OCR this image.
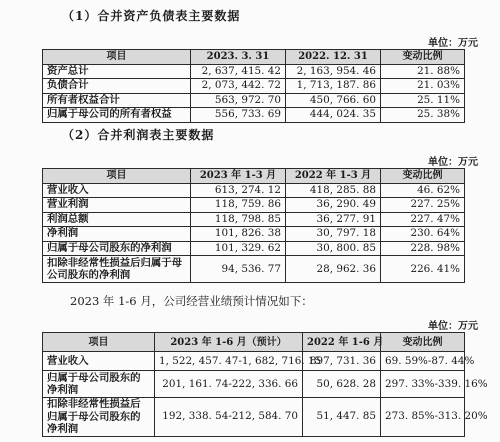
（1）合并资产负债表主要数据
单位：万元
项目	2023. 3. 31	2022. 12. 31	变动比例
资产总计	2, 637, 415. 42	2, 163, 954. 46	21. 88%
负债合计	2, 073, 442. 72	1, 713, 187. 86	21. 03%
所有者权益合计	563, 972. 70	450, 766. 60	25. 11%
归属于母公司的所有者权益	556, 733. 69	444, 024. 35	25. 38%
（2）合并利润表主要数据
单位：万元
项目	2023 年 1-3 月	2022 年 1-3 月	变动比例
营业收入	613, 274. 12	418, 285. 88	46. 62%
营业利润	118, 759. 86	36, 290. 49	227. 25%
利润总额	118, 798. 85	36, 277. 91	227. 47%
净利润	101, 826. 38	30, 797. 18	230. 64%
归属于母公司股东的净利润	101, 329. 62	30, 800. 85	228. 98%
扣除非经常性损益后归属于母公司股东的净利润	94, 536. 77	28, 962. 36	226. 41%
2023 年 1-6 月，公司经营业绩预计情况如下：
单位：万元
项目	2023 年 1-6 月（预计）	2022 年 1-6 月	变动比例
营业收入	1, 522, 457. 47-1, 682, 716. 15	897, 731. 36	69. 59%-87. 44%
归属于母公司股东的净利润	201, 161. 74-222, 336. 66	50, 628. 28	297. 33%-339. 16%
扣除非经常性损益后归属于母公司股东的净利润	192, 338. 54-212, 584. 70	51, 447. 85	273. 85%-313. 20%
